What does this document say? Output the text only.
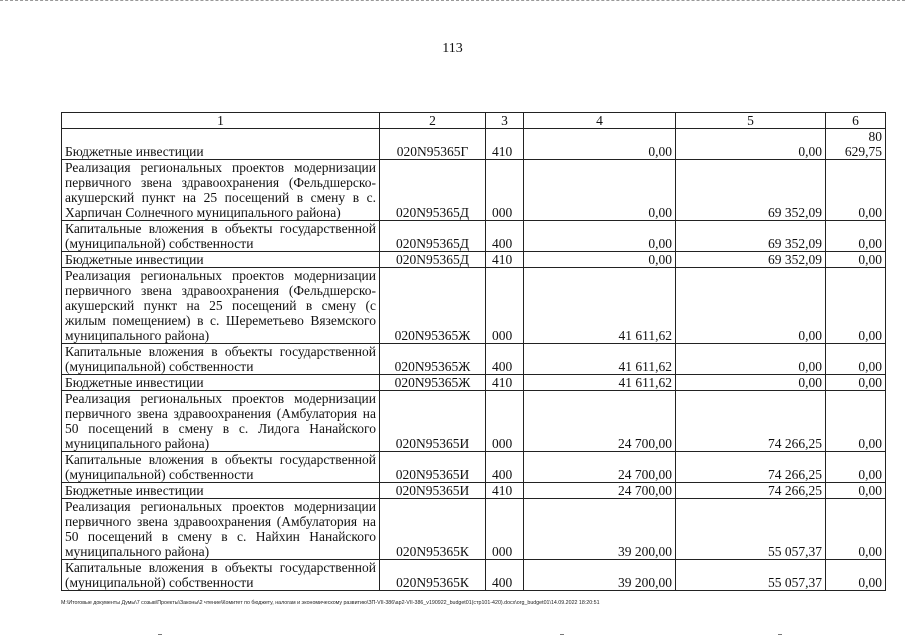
113
1	2	3	4	5	6
Бюджетные инвестиции	020N95365Г	410	0,00	0,00	80 629,75
Реализация региональных проектов модернизации первичного звена здравоохранения (Фельдшерско-акушерский пункт на 25 посещений в смену в с. Харпичан Солнечного муниципального района)	020N95365Д	000	0,00	69 352,09	0,00
Капитальные вложения в объекты государственной (муниципальной) собственности	020N95365Д	400	0,00	69 352,09	0,00
Бюджетные инвестиции	020N95365Д	410	0,00	69 352,09	0,00
Реализация региональных проектов модернизации первичного звена здравоохранения (Фельдшерско-акушерский пункт на 25 посещений в смену (с жилым помещением) в с. Шереметьево Вяземского муниципального района)	020N95365Ж	000	41 611,62	0,00	0,00
Капитальные вложения в объекты государственной (муниципальной) собственности	020N95365Ж	400	41 611,62	0,00	0,00
Бюджетные инвестиции	020N95365Ж	410	41 611,62	0,00	0,00
Реализация региональных проектов модернизации первичного звена здравоохранения (Амбулатория на 50 посещений в смену в с. Лидога Нанайского муниципального района)	020N95365И	000	24 700,00	74 266,25	0,00
Капитальные вложения в объекты государственной (муниципальной) собственности	020N95365И	400	24 700,00	74 266,25	0,00
Бюджетные инвестиции	020N95365И	410	24 700,00	74 266,25	0,00
Реализация региональных проектов модернизации первичного звена здравоохранения (Амбулатория на 50 посещений в смену в с. Найхин Нанайского муниципального района)	020N95365К	000	39 200,00	55 057,37	0,00
Капитальные вложения в объекты государственной (муниципальной) собственности	020N95365К	400	39 200,00	55 057,37	0,00
M:\Итоговые документы Думы\7 созыв\Проекты\Законы\2 чтение\Комитет по бюджету, налогам и экономическому развитию\ЗП-VII-386\ap2-VII-386_v190922_budget01(стр101-420).docx\org_budget01\14.09.2022 18:20:51
